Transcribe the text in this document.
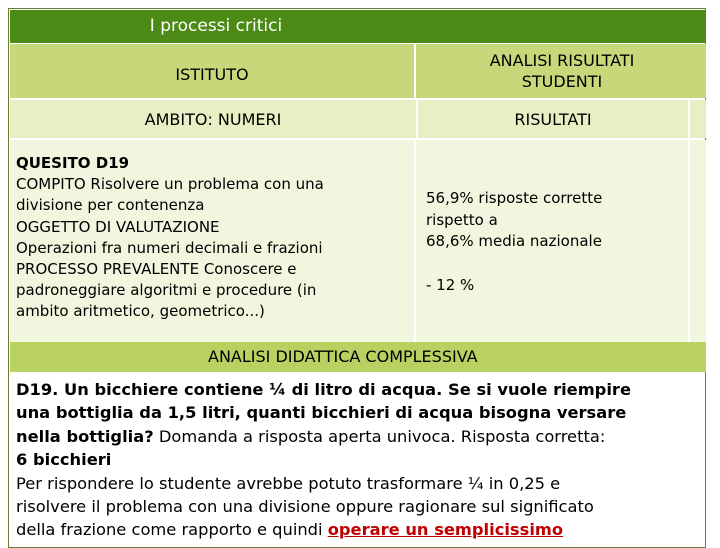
I processi critici
ISTITUTO
ANALISI RISULTATI
STUDENTI
AMBITO : NUMERI	RISULTATI
QUESITO D19
COMPITO Risolvere un problema con una
divisione per contenenza
OGGETTO DI VALUTAZIONE
Operazioni fra numeri decimali e frazioni
PROCESSO PREVALENTE Conoscere e
padroneggiare algoritmi e procedure (in
ambito aritmetico, geometrico...)
56,9% risposte corrette
rispetto a
68,6% media nazionale
- 12 %
ANALISI DIDATTICA COMPLESSIVA
D19. Un bicchiere contiene ¼ di litro di acqua. Se si vuole riempire
una bottiglia da 1,5 litri, quanti bicchieri di acqua bisogna versare
nella bottiglia? Domanda a risposta aperta univoca. Risposta corretta:
6 bicchieri
Per rispondere lo studente avrebbe potuto trasformare ¼ in 0,25 e
risolvere il problema con una divisione oppure ragionare sul significato
della frazione come rapporto e quindi operare un semplicissimo
